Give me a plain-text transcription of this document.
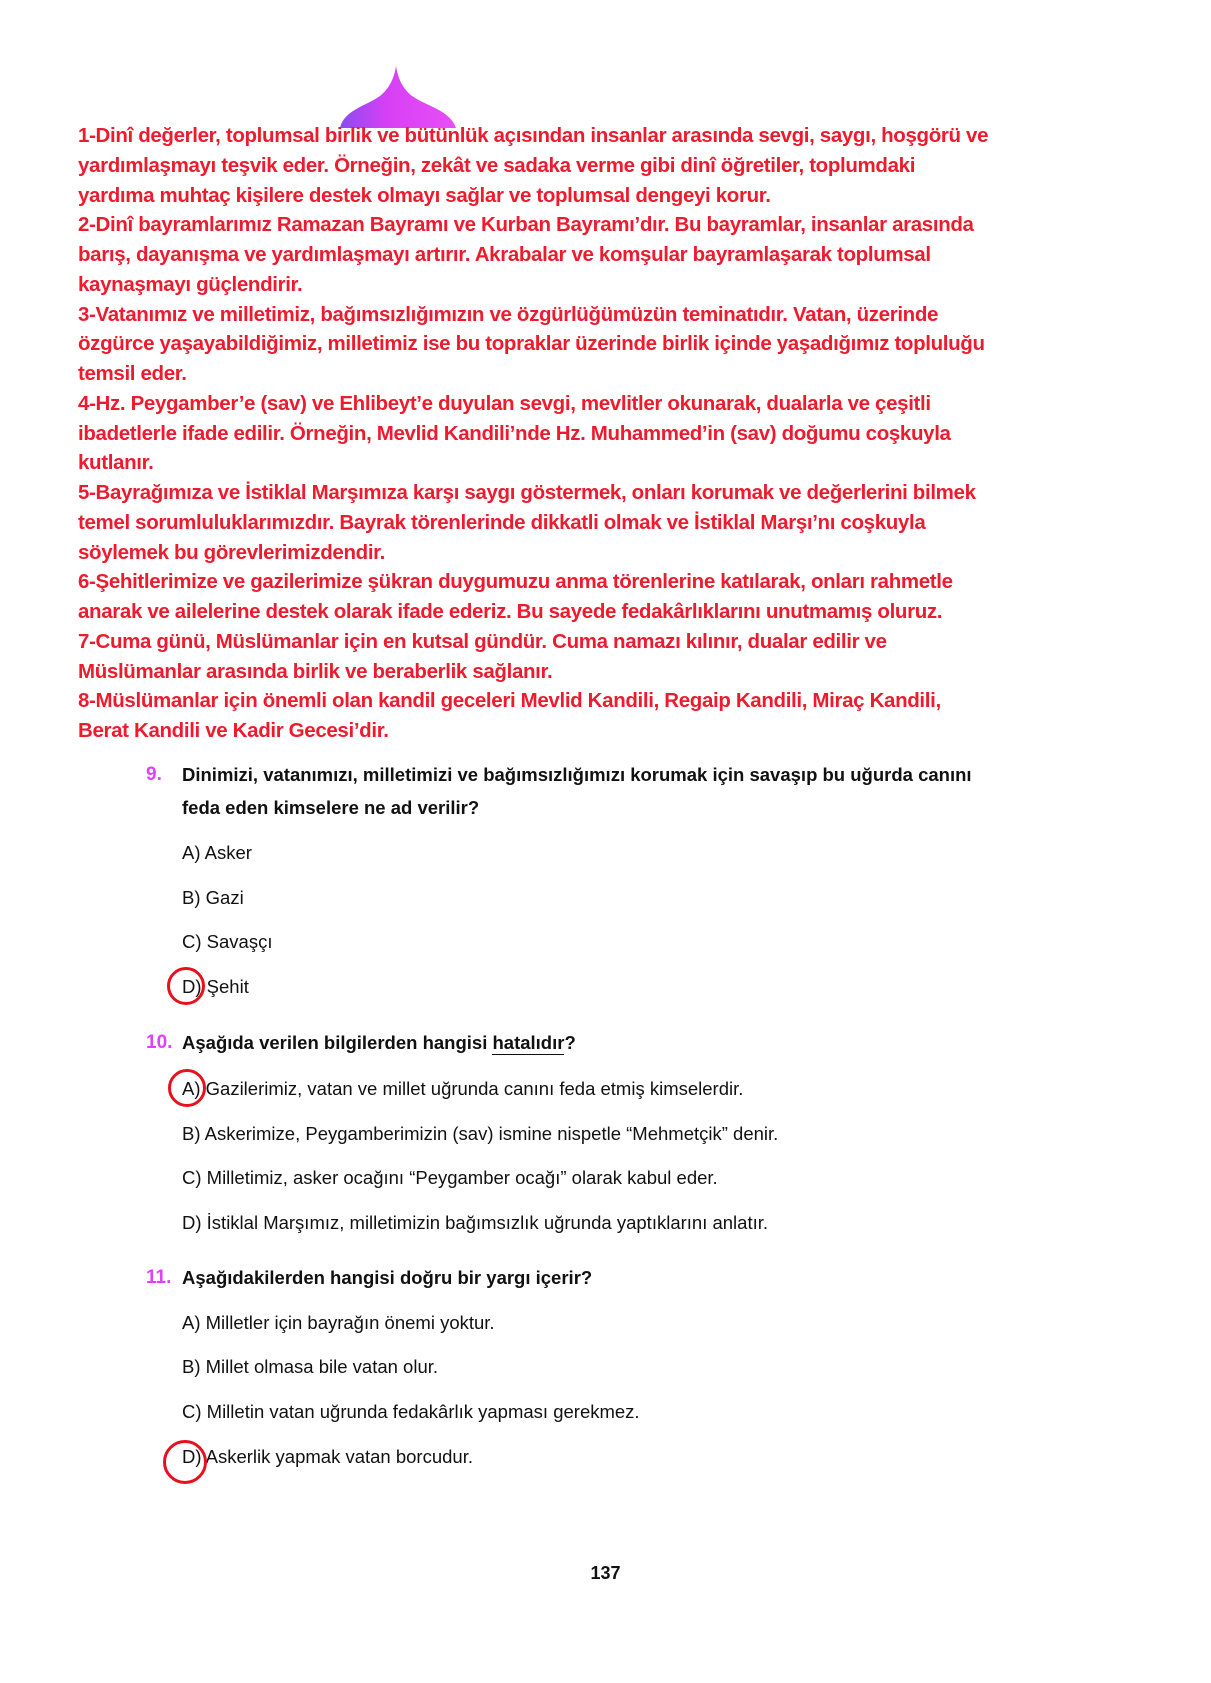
1-Dinî değerler, toplumsal birlik ve bütünlük açısından insanlar arasında sevgi, saygı, hoşgörü ve
yardımlaşmayı teşvik eder. Örneğin, zekât ve sadaka verme gibi dinî öğretiler, toplumdaki
yardıma muhtaç kişilere destek olmayı sağlar ve toplumsal dengeyi korur.
2-Dinî bayramlarımız Ramazan Bayramı ve Kurban Bayramı’dır. Bu bayramlar, insanlar arasında
barış, dayanışma ve yardımlaşmayı artırır. Akrabalar ve komşular bayramlaşarak toplumsal
kaynaşmayı güçlendirir.
3-Vatanımız ve milletimiz, bağımsızlığımızın ve özgürlüğümüzün teminatıdır. Vatan, üzerinde
özgürce yaşayabildiğimiz, milletimiz ise bu topraklar üzerinde birlik içinde yaşadığımız topluluğu
temsil eder.
4-Hz. Peygamber’e (sav) ve Ehlibeyt’e duyulan sevgi, mevlitler okunarak, dualarla ve çeşitli
ibadetlerle ifade edilir. Örneğin, Mevlid Kandili’nde Hz. Muhammed’in (sav) doğumu coşkuyla
kutlanır.
5-Bayrağımıza ve İstiklal Marşımıza karşı saygı göstermek, onları korumak ve değerlerini bilmek
temel sorumluluklarımızdır. Bayrak törenlerinde dikkatli olmak ve İstiklal Marşı’nı coşkuyla
söylemek bu görevlerimizdendir.
6-Şehitlerimize ve gazilerimize şükran duygumuzu anma törenlerine katılarak, onları rahmetle
anarak ve ailelerine destek olarak ifade ederiz. Bu sayede fedakârlıklarını unutmamış oluruz.
7-Cuma günü, Müslümanlar için en kutsal gündür. Cuma namazı kılınır, dualar edilir ve
Müslümanlar arasında birlik ve beraberlik sağlanır.
8-Müslümanlar için önemli olan kandil geceleri Mevlid Kandili, Regaip Kandili, Miraç Kandili,
Berat Kandili ve Kadir Gecesi’dir.
9. Dinimizi, vatanımızı, milletimizi ve bağımsızlığımızı korumak için savaşıp bu uğurda canını
feda eden kimselere ne ad verilir?
A) Asker
B) Gazi
C) Savaşçı
D) Şehit
10. Aşağıda verilen bilgilerden hangisi hatalıdır?
A) Gazilerimiz, vatan ve millet uğrunda canını feda etmiş kimselerdir.
B) Askerimize, Peygamberimizin (sav) ismine nispetle “Mehmetçik” denir.
C) Milletimiz, asker ocağını “Peygamber ocağı” olarak kabul eder.
D) İstiklal Marşımız, milletimizin bağımsızlık uğrunda yaptıklarını anlatır.
11. Aşağıdakilerden hangisi doğru bir yargı içerir?
A) Milletler için bayrağın önemi yoktur.
B) Millet olmasa bile vatan olur.
C) Milletin vatan uğrunda fedakârlık yapması gerekmez.
D) Askerlik yapmak vatan borcudur.
137
